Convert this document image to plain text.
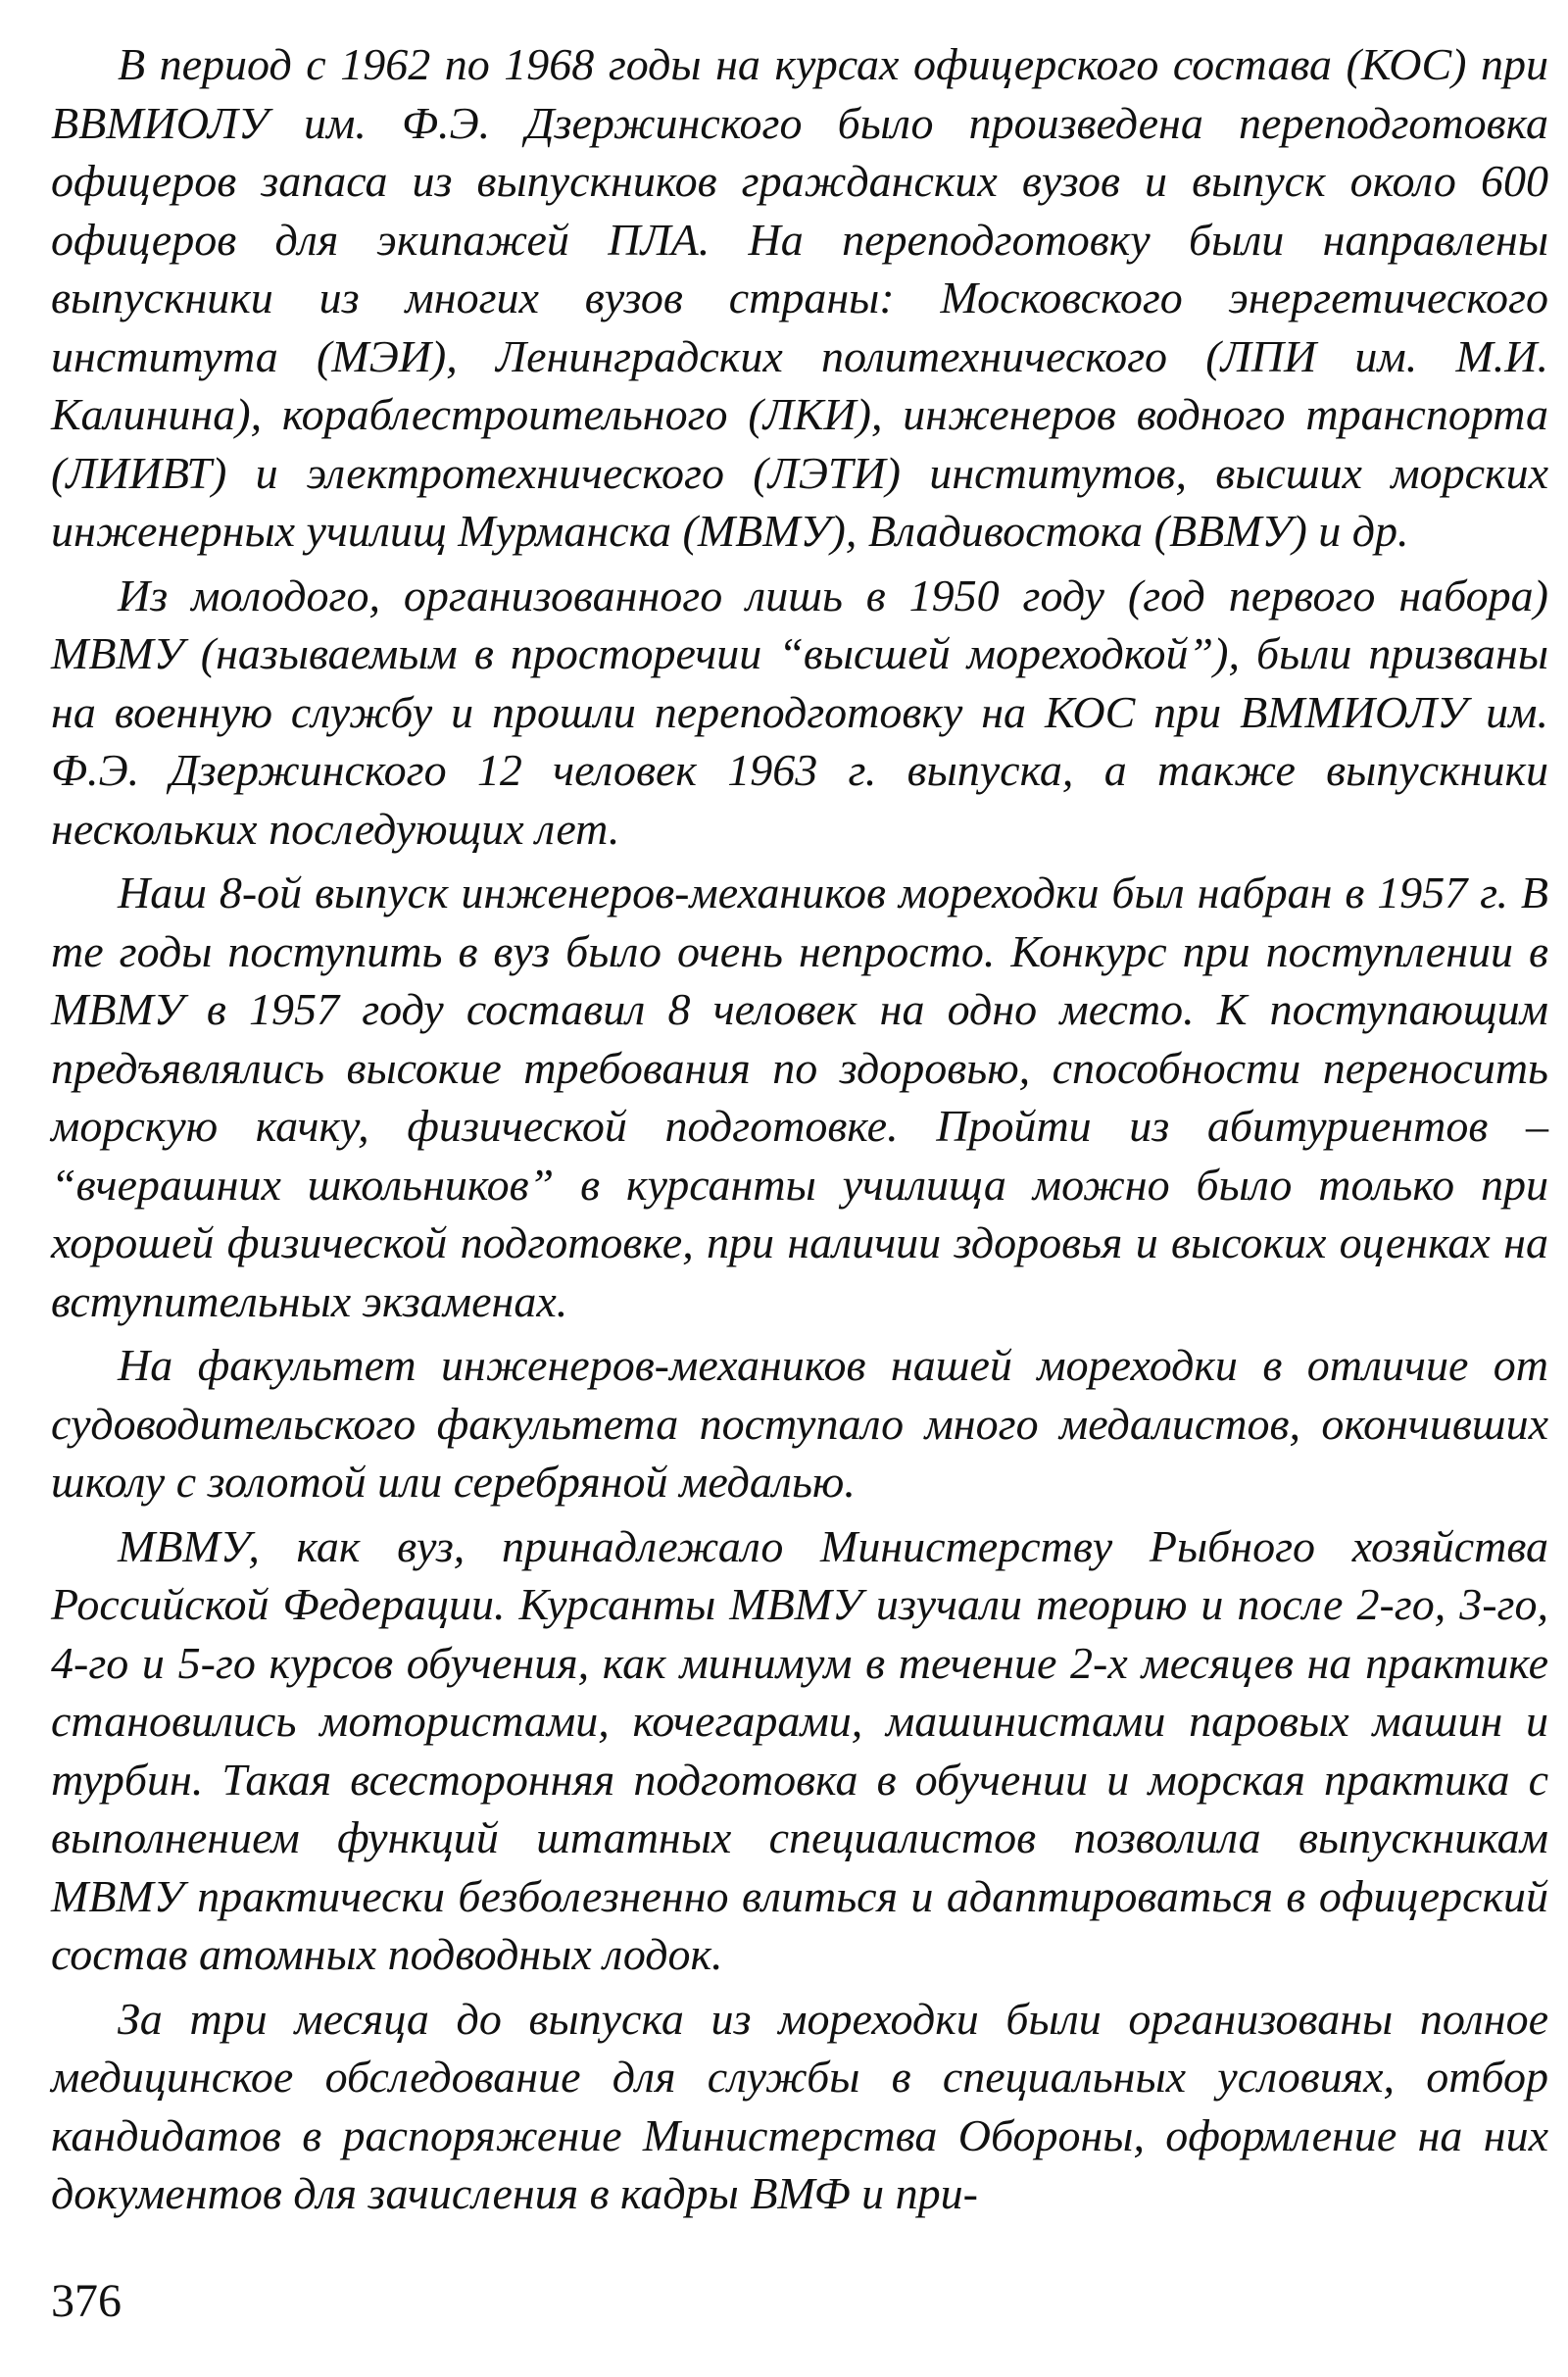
В период с 1962 по 1968 годы на курсах офицерского состава (КОС) при ВВМИОЛУ им. Ф.Э. Дзержинского было произведена переподготовка офицеров запаса из выпускников гражданских вузов и выпуск около 600 офицеров для экипажей ПЛА. На переподготовку были направлены выпускники из многих вузов страны: Московского энергетического института (МЭИ), Ленинградских политехнического (ЛПИ им. М.И. Калинина), кораблестроительного (ЛКИ), инженеров водного транспорта (ЛИИВТ) и электротехнического (ЛЭТИ) институтов, высших морских инженерных училищ Мурманска (МВМУ), Владивостока (ВВМУ) и др.

Из молодого, организованного лишь в 1950 году (год первого набора) МВМУ (называемым в просторечии “высшей мореходкой”), были призваны на военную службу и прошли переподготовку на КОС при ВММИОЛУ им. Ф.Э. Дзержинского 12 человек 1963 г. выпуска, а также выпускники нескольких последующих лет.

Наш 8-ой выпуск инженеров-механиков мореходки был набран в 1957 г. В те годы поступить в вуз было очень непросто. Конкурс при поступлении в МВМУ в 1957 году составил 8 человек на одно место. К поступающим предъявлялись высокие требования по здоровью, способности переносить морскую качку, физической подготовке. Пройти из абитуриентов – “вчерашних школьников” в курсанты училища можно было только при хорошей физической подготовке, при наличии здоровья и высоких оценках на вступительных экзаменах.

На факультет инженеров-механиков нашей мореходки в отличие от судоводительского факультета поступало много медалистов, окончивших школу с золотой или серебряной медалью.

МВМУ, как вуз, принадлежало Министерству Рыбного хозяйства Российской Федерации. Курсанты МВМУ изучали теорию и после 2-го, 3-го, 4-го и 5-го курсов обучения, как минимум в течение 2-х месяцев на практике становились мотористами, кочегарами, машинистами паровых машин и турбин. Такая всесторонняя подготовка в обучении и морская практика с выполнением функций штатных специалистов позволила выпускникам МВМУ практически безболезненно влиться и адаптироваться в офицерский состав атомных подводных лодок.

За три месяца до выпуска из мореходки были организованы полное медицинское обследование для службы в специальных условиях, отбор кандидатов в распоряжение Министерства Обороны, оформление на них документов для зачисления в кадры ВМФ и при-

376
